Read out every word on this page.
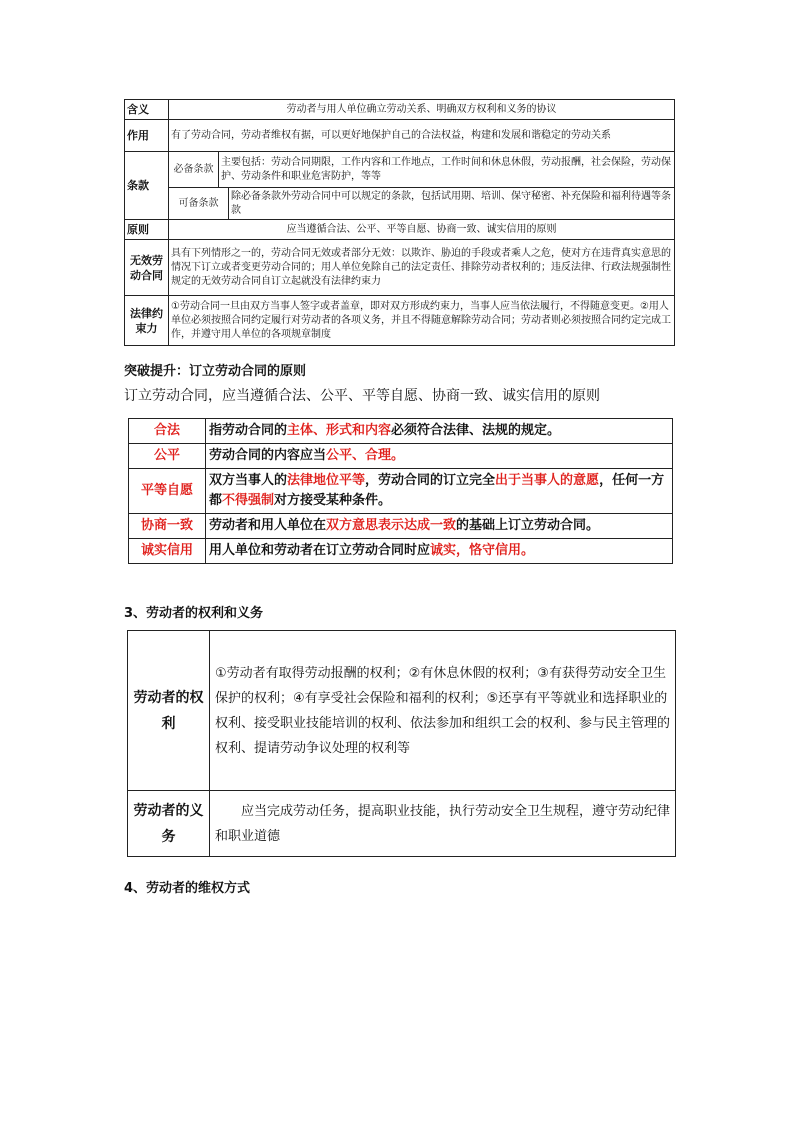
含义	劳动者与用人单位确立劳动关系、明确双方权利和义务的协议		
作用	有了劳动合同，劳动者维权有据，可以更好地保护自己的合法权益，构建和发展和谐稳定的劳动关系		
条款	必备条款	主要包括：劳动合同期限，工作内容和工作地点，工作时间和休息休假，劳动报酬，社会保险，劳动保护、劳动条件和职业危害防护，等等	
	可备条款		除必备条款外劳动合同中可以规定的条款，包括试用期、培训、保守秘密、补充保险和福利待遇等条款
原则	应当遵循合法、公平、平等自愿、协商一致、诚实信用的原则		
无效劳动合同	具有下列情形之一的，劳动合同无效或者部分无效：以欺诈、胁迫的手段或者乘人之危，使对方在违背真实意思的情况下订立或者变更劳动合同的；用人单位免除自己的法定责任、排除劳动者权利的；违反法律、行政法规强制性规定的无效劳动合同自订立起就没有法律约束力		
法律约束力	①劳动合同一旦由双方当事人签字或者盖章，即对双方形成约束力，当事人应当依法履行，不得随意变更。②用人单位必须按照合同约定履行对劳动者的各项义务，并且不得随意解除劳动合同；劳动者则必须按照合同约定完成工作，并遵守用人单位的各项规章制度		
突破提升：订立劳动合同的原则
订立劳动合同，应当遵循合法、公平、平等自愿、协商一致、诚实信用的原则
合法	指劳动合同的主体、形式和内容必须符合法律、法规的规定。
公平	劳动合同的内容应当公平、合理。
平等自愿	双方当事人的法律地位平等，劳动合同的订立完全出于当事人的意愿，任何一方都不得强制对方接受某种条件。
协商一致	劳动者和用人单位在双方意思表示达成一致的基础上订立劳动合同。
诚实信用	用人单位和劳动者在订立劳动合同时应诚实，恪守信用。
3、劳动者的权利和义务
劳动者的权利	①劳动者有取得劳动报酬的权利；②有休息休假的权利；③有获得劳动安全卫生保护的权利；④有享受社会保险和福利的权利；⑤还享有平等就业和选择职业的权利、接受职业技能培训的权利、依法参加和组织工会的权利、参与民主管理的权利、提请劳动争议处理的权利等
劳动者的义务	应当完成劳动任务，提高职业技能，执行劳动安全卫生规程，遵守劳动纪律和职业道德
4、劳动者的维权方式
